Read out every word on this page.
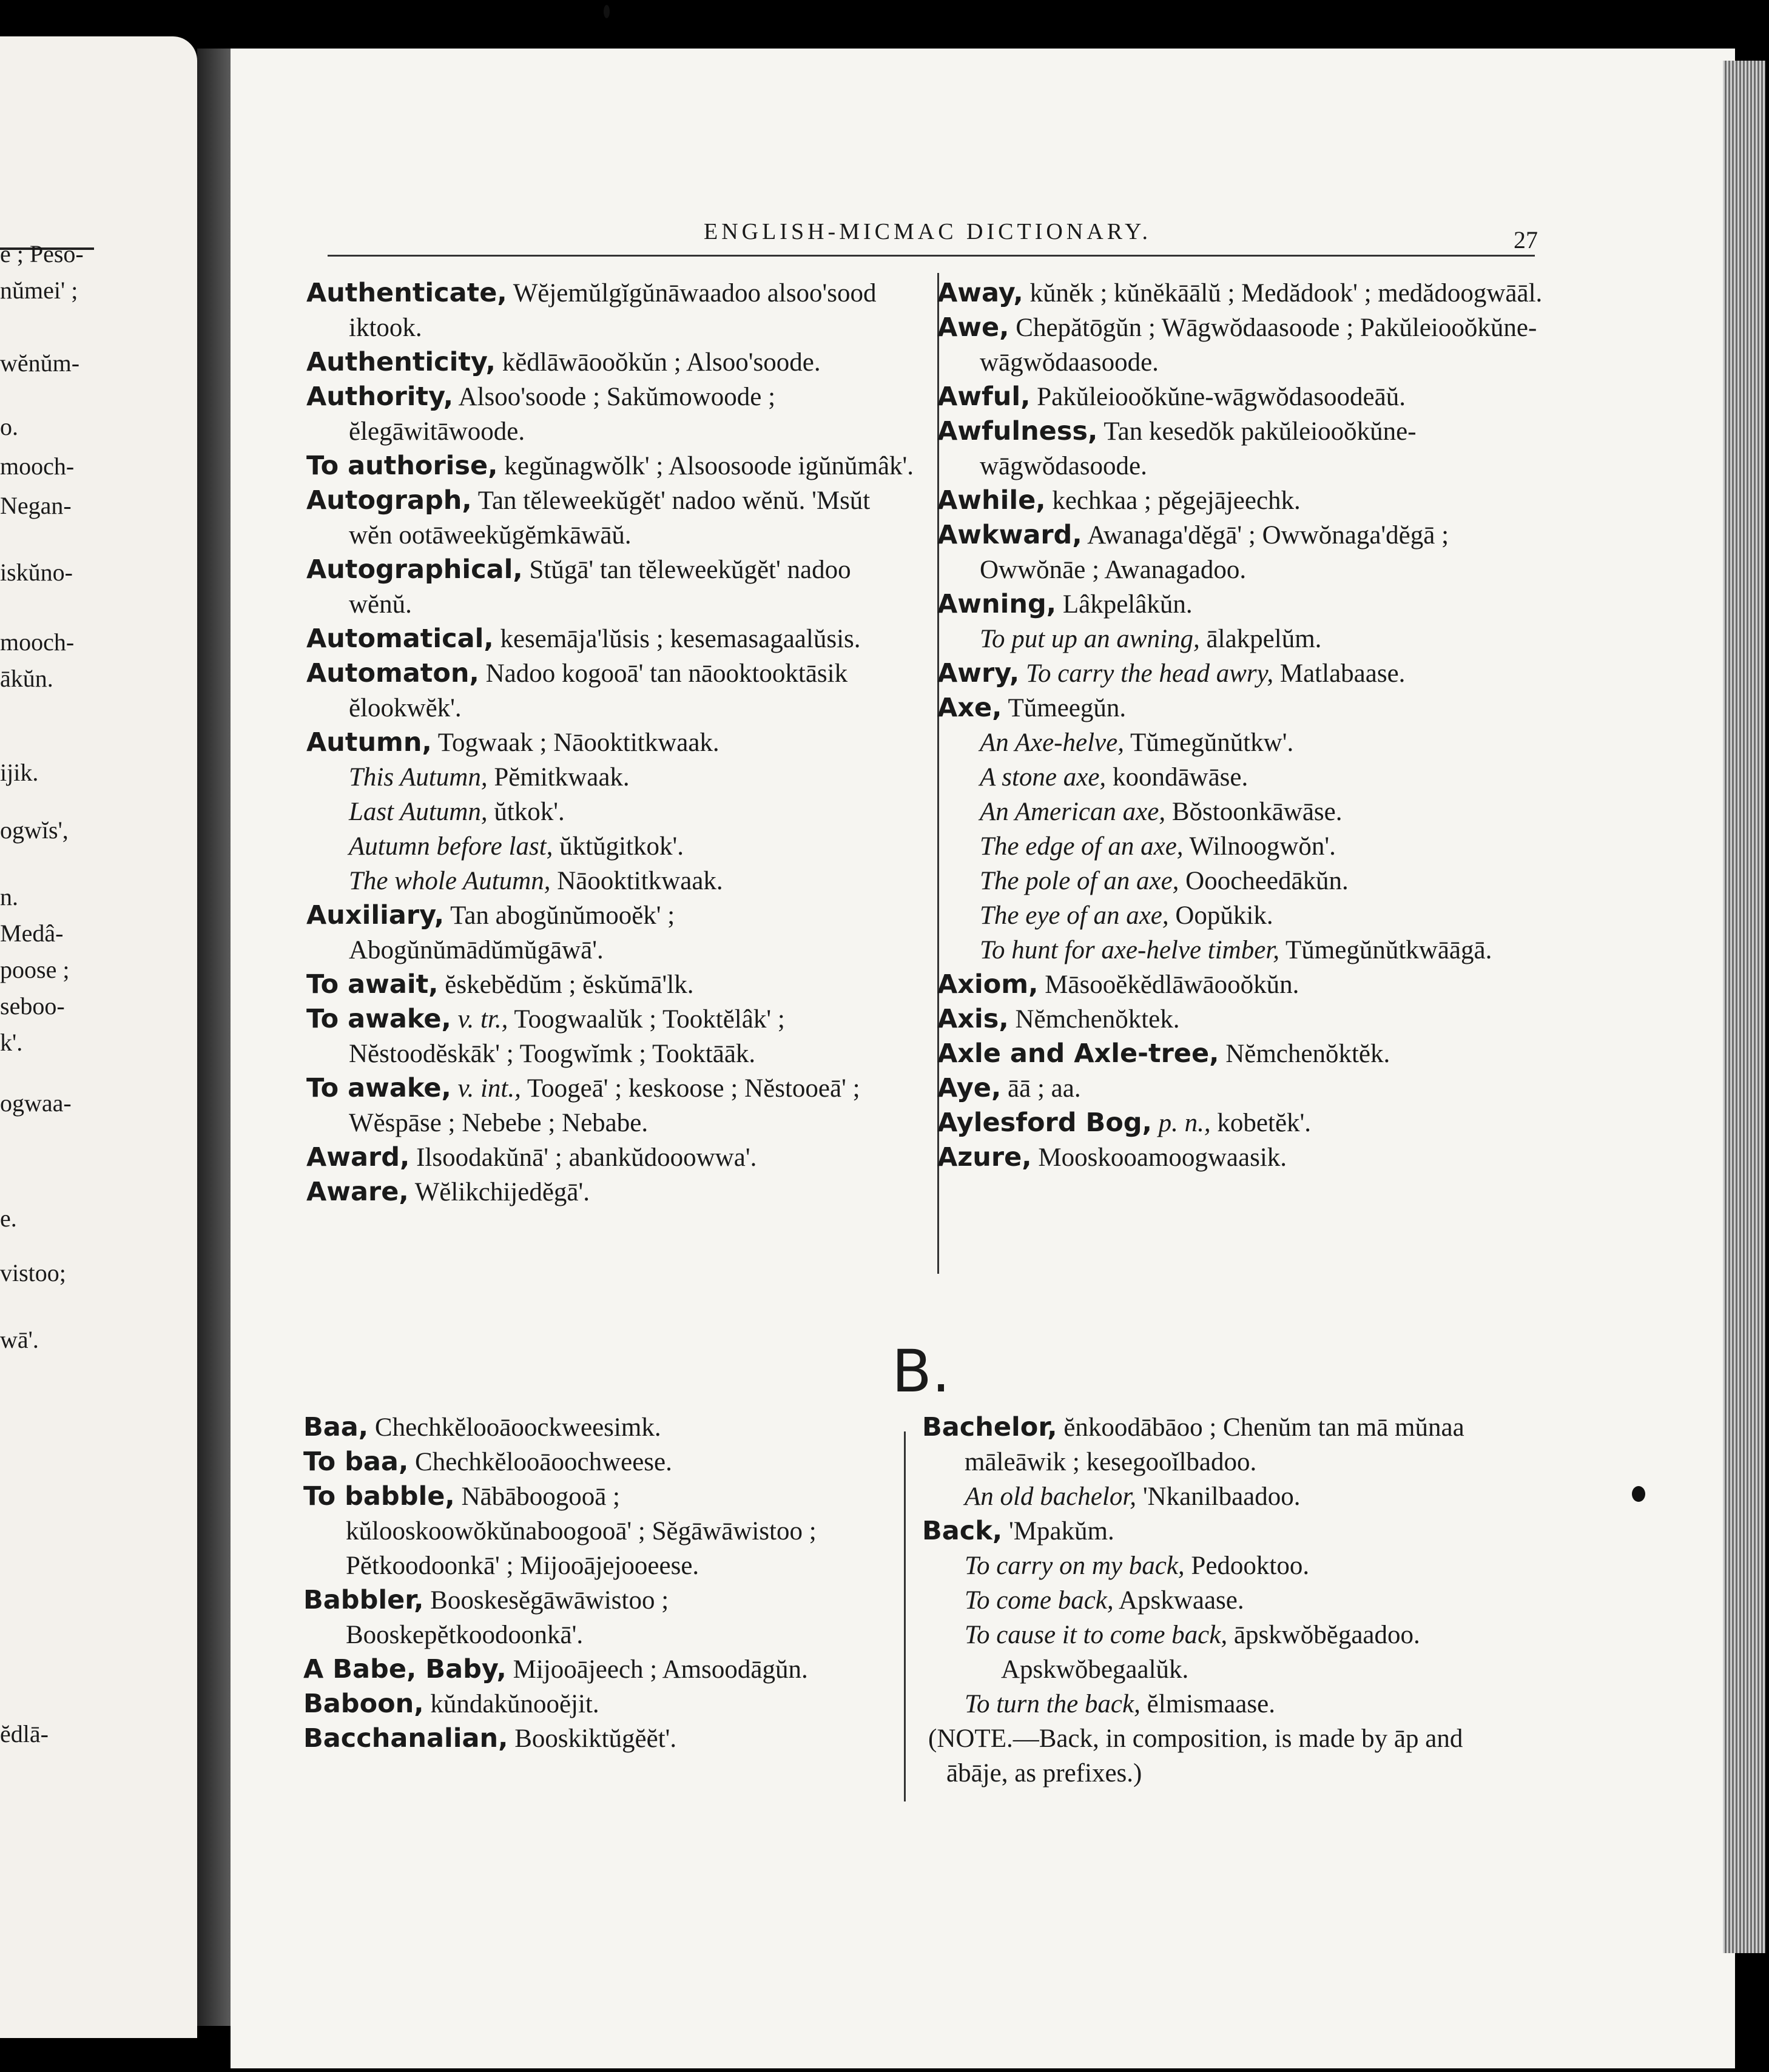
e ; Peso-
nŭmei' ;
wĕnŭm-
o.
mooch-
Negan-
iskŭno-
mooch-
ākŭn.
ijik.
ogwĭs',
n.
Medâ-
poose ;
seboo-
k'.
ogwaa-
e.
vistoo;
wā'.
ĕdlā-
ENGLISH-MICMAC DICTIONARY.	27
Authenticate, Wĕjemŭlgĭgŭnāwaadoo alsoo'sood iktook.
Authenticity, kĕdlāwāooŏkŭn ; Alsoo'soode.
Authority, Alsoo'soode ; Sakŭmowoode ; ĕlegāwitāwoode.
To authorise, kegŭnagwŏlk' ; Alsoosoode igŭnŭmâk'.
Autograph, Tan tĕleweekŭgĕt' nadoo wĕnŭ. 'Msŭt wĕn ootāweekŭgĕmkāwāŭ.
Autographical, Stŭgā' tan tĕleweekŭgĕt' nadoo wĕnŭ.
Automatical, kesemāja'lŭsis ; kesemasagaalŭsis.
Automaton, Nadoo kogooā' tan nāooktooktāsik ĕlookwĕk'.
Autumn, Togwaak ; Nāooktitkwaak.
This Autumn, Pĕmitkwaak.
Last Autumn, ŭtkok'.
Autumn before last, ŭktŭgitkok'.
The whole Autumn, Nāooktitkwaak.
Auxiliary, Tan abogŭnŭmooĕk' ; Abogŭnŭmādŭmŭgāwā'.
To await, ĕskebĕdŭm ; ĕskŭmā'lk.
To awake, v. tr., Toogwaalŭk ; Tooktĕlâk' ; Nĕstoodĕskāk' ; Toogwĭmk ; Tooktāāk.
To awake, v. int., Toogeā' ; keskoose ; Nĕstooeā' ; Wĕspāse ; Nebebe ; Nebabe.
Award, Ilsoodakŭnā' ; abankŭdooowwa'.
Aware, Wĕlikchijedĕgā'.
Away, kŭnĕk ; kŭnĕkāālŭ ; Medădook' ; medădoogwāāl.
Awe, Chepătōgŭn ; Wāgwŏdaasoode ; Pakŭleiooŏkŭne-wāgwŏdaasoode.
Awful, Pakŭleiooŏkŭne-wāgwŏdasoodeāŭ.
Awfulness, Tan kesedŏk pakŭleiooŏkŭne-wāgwŏdasoode.
Awhile, kechkaa ; pĕgejājeechk.
Awkward, Awanaga'dĕgā' ; Owwŏnaga'dĕgā ; Owwŏnāe ; Awanagadoo.
Awning, Lâkpelâkŭn.
To put up an awning, ālakpelŭm.
Awry, To carry the head awry, Matlabaase.
Axe, Tŭmeegŭn.
An Axe-helve, Tŭmegŭnŭtkw'.
A stone axe, koondāwāse.
An American axe, Bŏstoonkāwāse.
The edge of an axe, Wilnoogwŏn'.
The pole of an axe, Ooocheedākŭn.
The eye of an axe, Oopŭkik.
To hunt for axe-helve timber, Tŭmegŭnŭtkwāāgā.
Axiom, Māsooĕkĕdlāwāooŏkŭn.
Axis, Nĕmchenŏktek.
Axle and Axle-tree, Nĕmchenŏktĕk.
Aye, āā ; aa.
Aylesford Bog, p. n., kobetĕk'.
Azure, Mooskooamoogwaasik.
B.
Baa, Chechkĕlooāoockweesimk.
To baa, Chechkĕlooāoochweese.
To babble, Nābāboogooā ; kŭlooskoowŏkŭnaboogooā' ; Sĕgāwāwistoo ; Pĕtkoodoonkā' ; Mijooājejooeese.
Babbler, Booskesĕgāwāwistoo ; Booskepĕtkoodoonkā'.
A Babe, Baby, Mijooājeech ; Amsoodāgŭn.
Baboon, kŭndakŭnooĕjit.
Bacchanalian, Booskiktŭgĕĕt'.
Bachelor, ĕnkoodābāoo ; Chenŭm tan mā mŭnaa māleāwik ; kesegooĭlbadoo.
An old bachelor, 'Nkanilbaadoo.
Back, 'Mpakŭm.
To carry on my back, Pedooktoo.
To come back, Apskwaase.
To cause it to come back, āpskwŏbĕgaadoo. Apskwŏbegaalŭk.
To turn the back, ĕlmismaase.
(NOTE.—Back, in composition, is made by āp and ābāje, as prefixes.)
